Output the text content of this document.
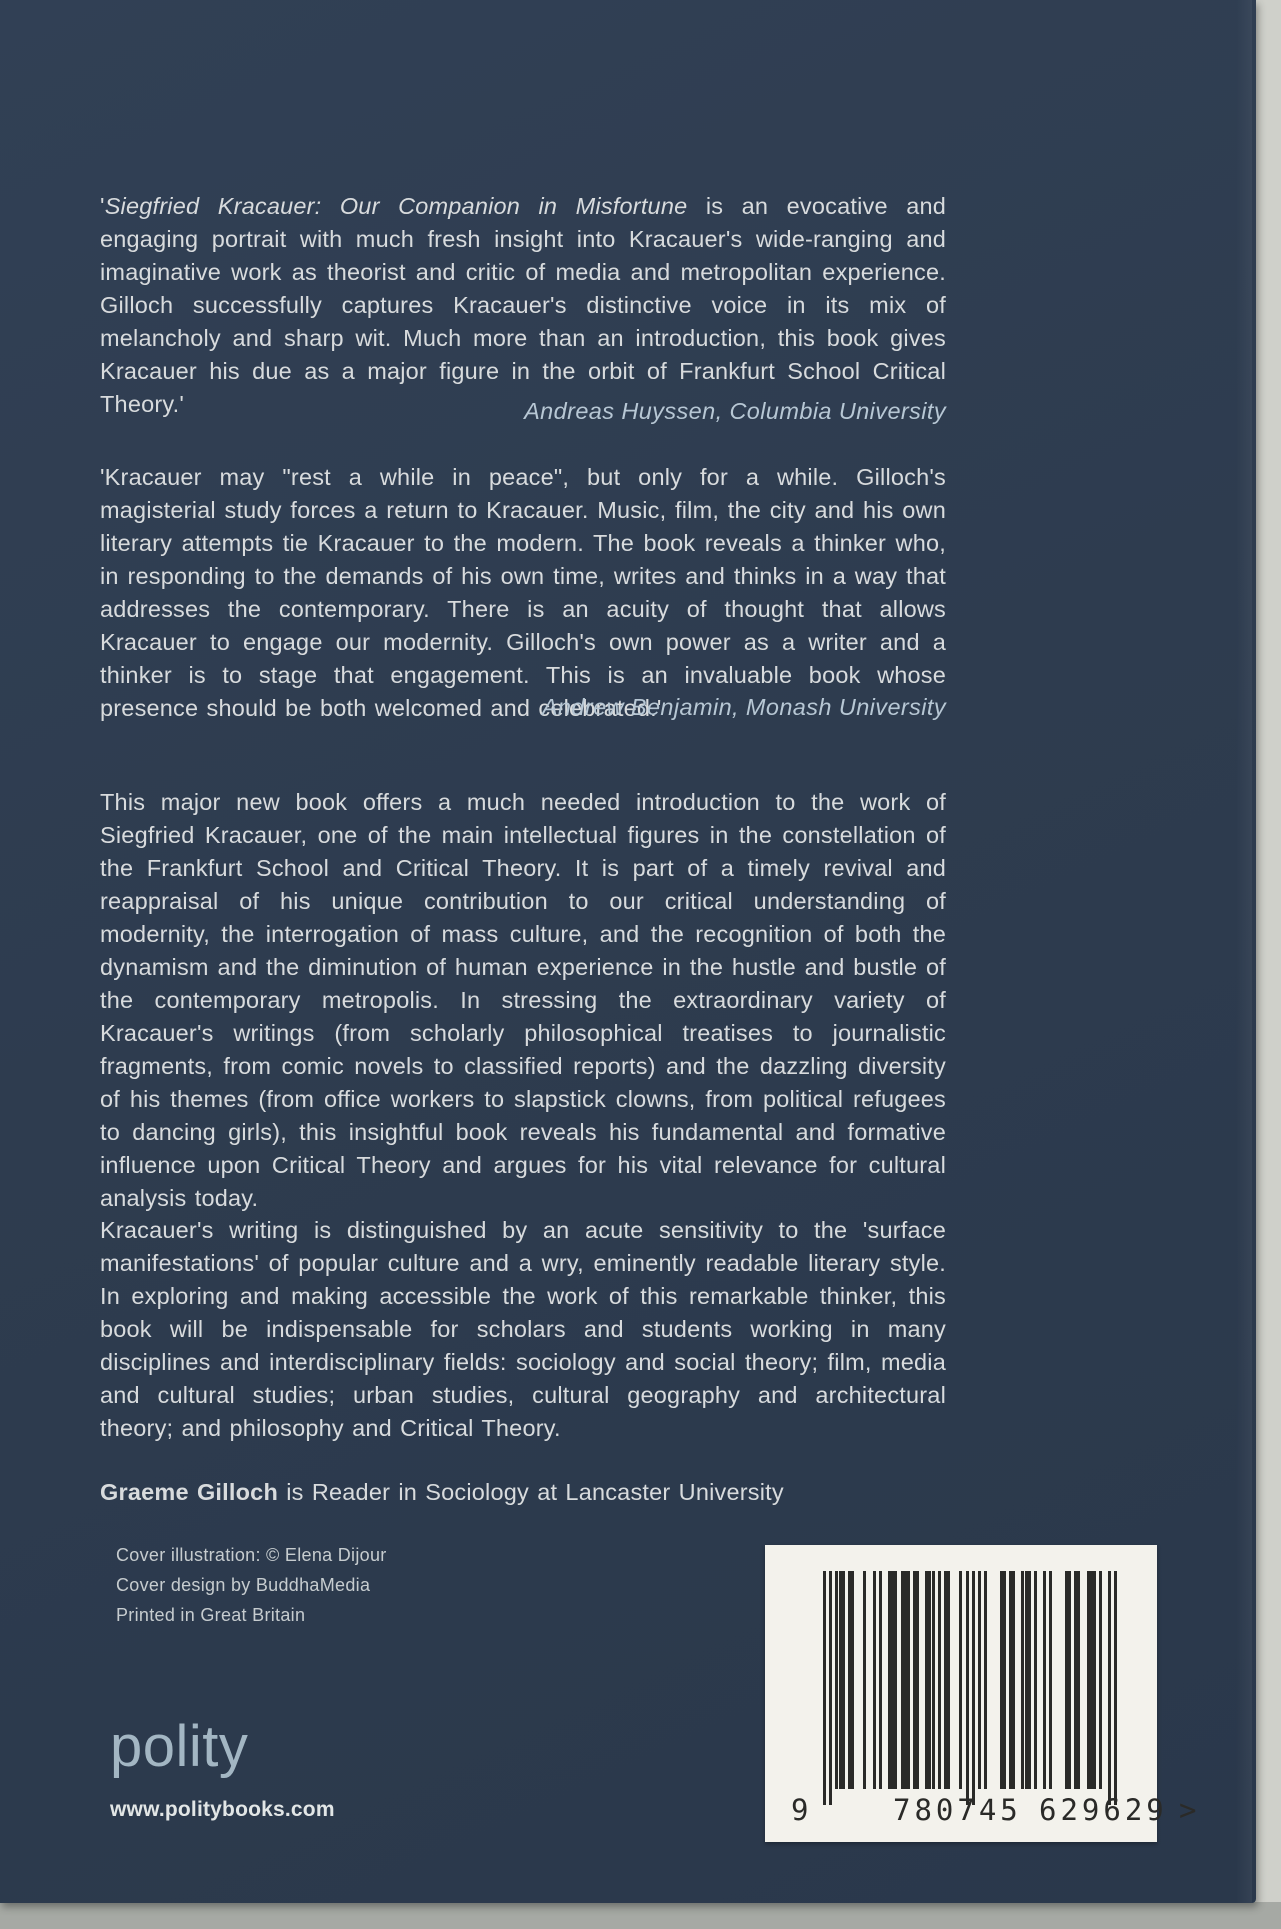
'Siegfried Kracauer: Our Companion in Misfortune is an evocative and engaging portrait with much fresh insight into Kracauer's wide-ranging and imaginative work as theorist and critic of media and metropolitan experience. Gilloch successfully captures Kracauer's distinctive voice in its mix of melancholy and sharp wit. Much more than an introduction, this book gives Kracauer his due as a major figure in the orbit of Frankfurt School Critical Theory.'	Andreas Huyssen, Columbia University

'Kracauer may "rest a while in peace", but only for a while. Gilloch's magisterial study forces a return to Kracauer. Music, film, the city and his own literary attempts tie Kracauer to the modern. The book reveals a thinker who, in responding to the demands of his own time, writes and thinks in a way that addresses the contemporary. There is an acuity of thought that allows Kracauer to engage our modernity. Gilloch's own power as a writer and a thinker is to stage that engagement. This is an invaluable book whose presence should be both welcomed and celebrated.'

Andrew Benjamin, Monash University

This major new book offers a much needed introduction to the work of Siegfried Kracauer, one of the main intellectual figures in the constellation of the Frankfurt School and Critical Theory. It is part of a timely revival and reappraisal of his unique contribution to our critical understanding of modernity, the interrogation of mass culture, and the recognition of both the dynamism and the diminution of human experience in the hustle and bustle of the contemporary metropolis. In stressing the extraordinary variety of Kracauer's writings (from scholarly philosophical treatises to journalistic fragments, from comic novels to classified reports) and the dazzling diversity of his themes (from office workers to slapstick clowns, from political refugees to dancing girls), this insightful book reveals his fundamental and formative influence upon Critical Theory and argues for his vital relevance for cultural analysis today.

Kracauer's writing is distinguished by an acute sensitivity to the 'surface manifestations' of popular culture and a wry, eminently readable literary style. In exploring and making accessible the work of this remarkable thinker, this book will be indispensable for scholars and students working in many disciplines and interdisciplinary fields: sociology and social theory; film, media and cultural studies; urban studies, cultural geography and architectural theory; and philosophy and Critical Theory.

Graeme Gilloch is Reader in Sociology at Lancaster University

Cover illustration: © Elena Dijour
Cover design by BuddhaMedia
Printed in Great Britain
polity
www.politybooks.com	9	780745 629629 >
